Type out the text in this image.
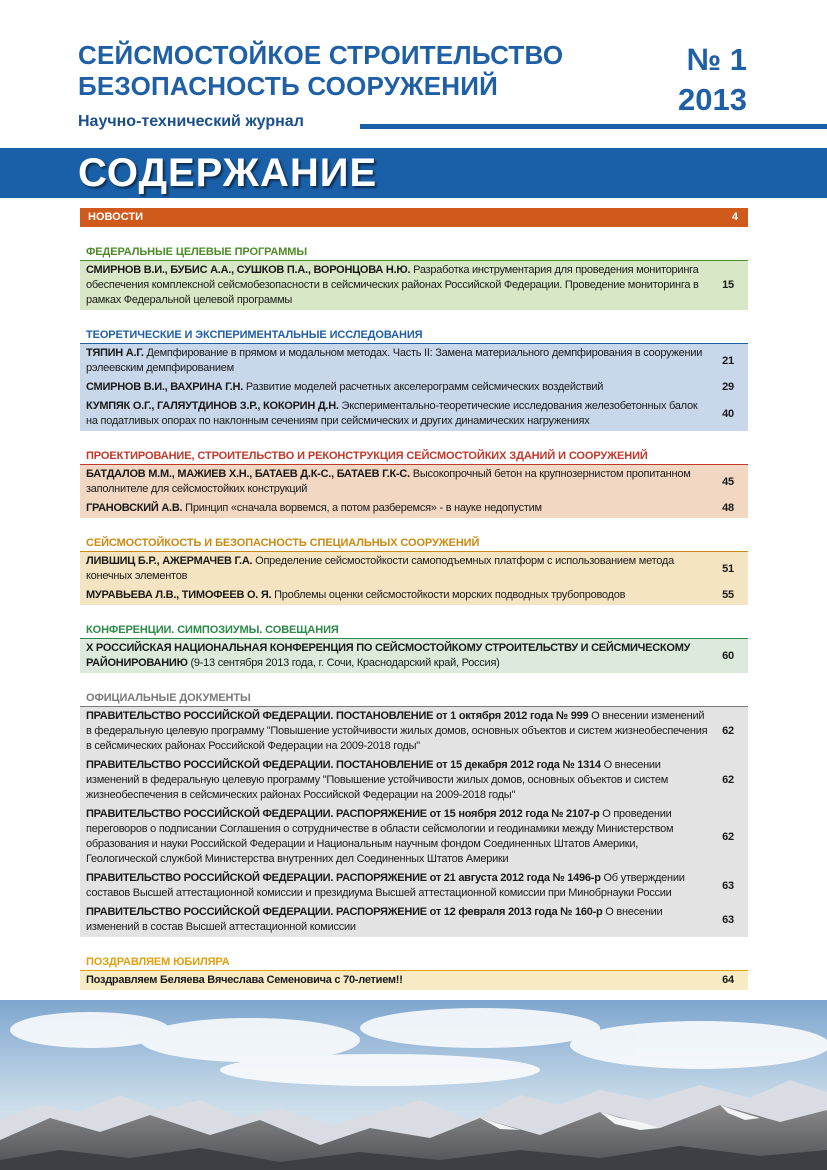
СЕЙСМОСТОЙКОЕ СТРОИТЕЛЬСТВО
БЕЗОПАСНОСТЬ СООРУЖЕНИЙ
№ 1
2013
Научно-технический журнал
СОДЕРЖАНИЕ
НОВОСТИ	4
ФЕДЕРАЛЬНЫЕ ЦЕЛЕВЫЕ ПРОГРАММЫ
СМИРНОВ В.И., БУБИС А.А., СУШКОВ П.А., ВОРОНЦОВА Н.Ю. Разработка инструментария для проведения мониторинга обеспечения комплексной сейсмобезопасности в сейсмических районах Российской Федерации. Проведение мониторинга в рамках Федеральной целевой программы
15
ТЕОРЕТИЧЕСКИЕ И ЭКСПЕРИМЕНТАЛЬНЫЕ ИССЛЕДОВАНИЯ
ТЯПИН А.Г. Демпфирование в прямом и модальном методах. Часть II: Замена материального демпфирования в сооружении рэлеевским демпфированием
21
СМИРНОВ В.И., ВАХРИНА Г.Н. Развитие моделей расчетных акселерограмм сейсмических воздействий	29
КУМПЯК О.Г., ГАЛЯУТДИНОВ З.Р., КОКОРИН Д.Н. Экспериментально-теоретические исследования железобетонных балок на податливых опорах по наклонным сечениям при сейсмических и других динамических нагружениях
40
ПРОЕКТИРОВАНИЕ, СТРОИТЕЛЬСТВО И РЕКОНСТРУКЦИЯ СЕЙСМОСТОЙКИХ ЗДАНИЙ И СООРУЖЕНИЙ
БАТДАЛОВ М.М., МАЖИЕВ Х.Н., БАТАЕВ Д.К-С., БАТАЕВ Г.К-С. Высокопрочный бетон на крупнозернистом пропитанном заполнителе для сейсмостойких конструкций
45
ГРАНОВСКИЙ А.В. Принцип «сначала ворвемся, а потом разберемся» - в науке недопустим	48
СЕЙСМОСТОЙКОСТЬ И БЕЗОПАСНОСТЬ СПЕЦИАЛЬНЫХ СООРУЖЕНИЙ
ЛИВШИЦ Б.Р., АЖЕРМАЧЕВ Г.А. Определение сейсмостойкости самоподъемных платформ с использованием метода конечных элементов
51
МУРАВЬЕВА Л.В., ТИМОФЕЕВ О. Я. Проблемы оценки сейсмостойкости морских подводных трубопроводов	55
КОНФЕРЕНЦИИ. СИМПОЗИУМЫ. СОВЕЩАНИЯ
X РОССИЙСКАЯ НАЦИОНАЛЬНАЯ КОНФЕРЕНЦИЯ ПО СЕЙСМОСТОЙКОМУ СТРОИТЕЛЬСТВУ И СЕЙСМИЧЕСКОМУ РАЙОНИРОВАНИЮ (9-13 сентября 2013 года, г. Сочи, Краснодарский край, Россия)
60
ОФИЦИАЛЬНЫЕ ДОКУМЕНТЫ
ПРАВИТЕЛЬСТВО РОССИЙСКОЙ ФЕДЕРАЦИИ. ПОСТАНОВЛЕНИЕ от 1 октября 2012 года № 999 О внесении изменений в федеральную целевую программу "Повышение устойчивости жилых домов, основных объектов и систем жизнеобеспечения в сейсмических районах Российской Федерации на 2009-2018 годы"
62
ПРАВИТЕЛЬСТВО РОССИЙСКОЙ ФЕДЕРАЦИИ. ПОСТАНОВЛЕНИЕ от 15 декабря 2012 года № 1314 О внесении изменений в федеральную целевую программу "Повышение устойчивости жилых домов, основных объектов и систем жизнеобеспечения в сейсмических районах Российской Федерации на 2009-2018 годы"
62
ПРАВИТЕЛЬСТВО РОССИЙСКОЙ ФЕДЕРАЦИИ. РАСПОРЯЖЕНИЕ от 15 ноября 2012 года № 2107-р О проведении переговоров о подписании Соглашения о сотрудничестве в области сейсмологии и геодинамики между Министерством образования и науки Российской Федерации и Национальным научным фондом Соединенных Штатов Америки, Геологической службой Министерства внутренних дел Соединенных Штатов Америки
62
ПРАВИТЕЛЬСТВО РОССИЙСКОЙ ФЕДЕРАЦИИ. РАСПОРЯЖЕНИЕ от 21 августа 2012 года № 1496-р Об утверждении составов Высшей аттестационной комиссии и президиума Высшей аттестационной комиссии при Минобрнауки России
63
ПРАВИТЕЛЬСТВО РОССИЙСКОЙ ФЕДЕРАЦИИ. РАСПОРЯЖЕНИЕ от 12 февраля 2013 года № 160-р О внесении изменений в состав Высшей аттестационной комиссии
63
ПОЗДРАВЛЯЕМ ЮБИЛЯРА
Поздравляем Беляева Вячеслава Семеновича с 70-летием!!	64
